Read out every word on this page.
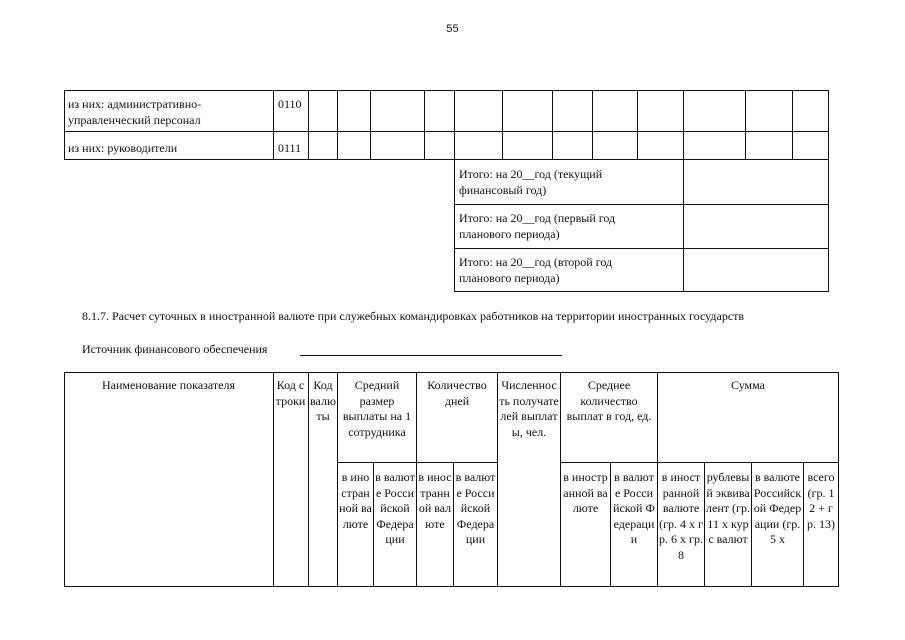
55
из них: административно-управленческий персонал
0110
из них: руководители	0111
Итого: на 20__год (текущий финансовый год)
Итого: на 20__год (первый год планового периода)
Итого: на 20__год (второй год планового периода)
8.1.7. Расчет суточных в иностранной валюте при служебных командировках работников на территории иностранных государств
Источник финансового обеспечения
Наименование показателя	Код строки
Код валюты
Средний размер выплаты на 1 сотрудника
Количество дней
Численность получателей выплаты, чел.
Среднее количество выплат в год, ед.
Сумма
в иностранной валюте
в валюте Российской Федерации
в иностранной валюте
в валюте Российской Федерации
в иностранной валюте
в валюте Российской Федерации
в иностранной валюте (гр. 4 х гр. 6 х гр. 8
рублевый эквивалент (гр. 11 х курс валют
в валюте Российской Федерации (гр. 5 х
всего (гр. 12 + гр. 13)
